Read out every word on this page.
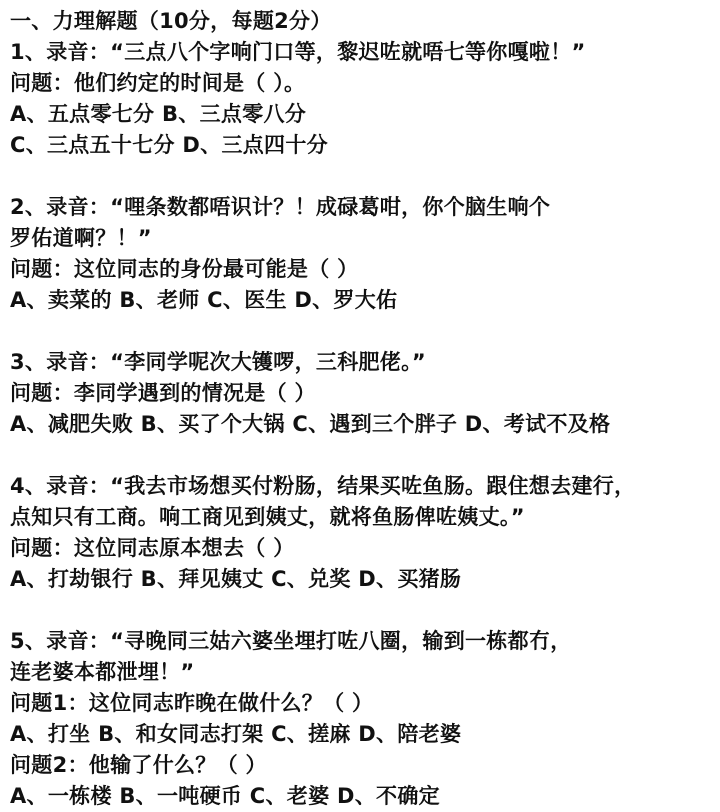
一、力理解题（10分，每题2分）
1、录音：“三点八个字响门口等，黎迟咗就唔七等你嘎啦！”
问题：他们约定的时间是（ ）。
A、五点零七分 B、三点零八分
C、三点五十七分 D、三点四十分
2、录音：“哩条数都唔识计？！成碌葛咁，你个脑生响个
罗佑道啊？！”
问题：这位同志的身份最可能是（ ）
A、卖菜的 B、老师 C、医生 D、罗大佑
3、录音：“李同学呢次大镬啰，三科肥佬。”
问题：李同学遇到的情况是（ ）
A、减肥失败 B、买了个大锅 C、遇到三个胖子 D、考试不及格
4、录音：“我去市场想买付粉肠，结果买咗鱼肠。跟住想去建行，
点知只有工商。响工商见到姨丈，就将鱼肠俾咗姨丈。”
问题：这位同志原本想去（ ）
A、打劫银行 B、拜见姨丈 C、兑奖 D、买猪肠
5、录音：“寻晚同三姑六婆坐埋打咗八圈，输到一栋都冇，
连老婆本都泄埋！”
问题1：这位同志昨晚在做什么？（ ）
A、打坐 B、和女同志打架 C、搓麻 D、陪老婆
问题2：他输了什么？（ ）
A、一栋楼 B、一吨硬币 C、老婆 D、不确定
